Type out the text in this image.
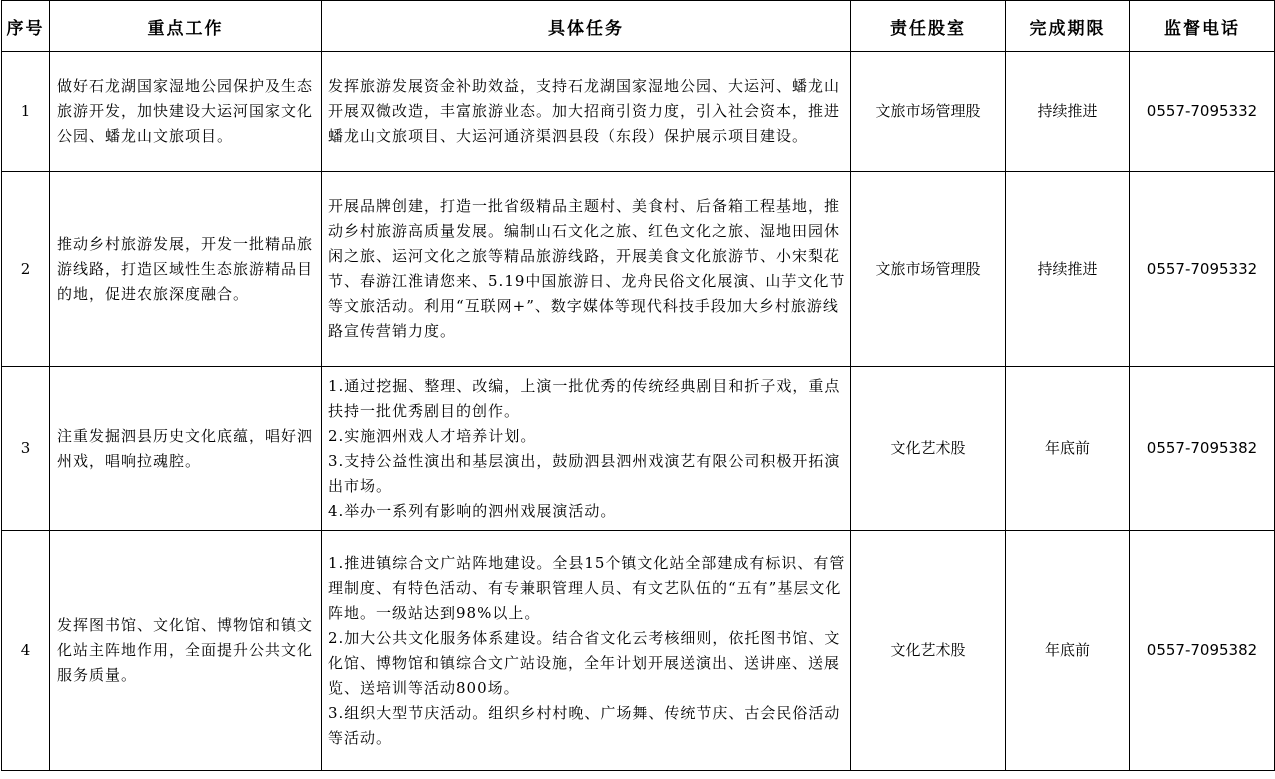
序号	重点工作	具体任务	责任股室	完成期限	监督电话
1	做好石龙湖国家湿地公园保护及生态旅游开发，加快建设大运河国家文化公园、蟠龙山文旅项目。	发挥旅游发展资金补助效益，支持石龙湖国家湿地公园、大运河、蟠龙山开展双微改造，丰富旅游业态。加大招商引资力度，引入社会资本，推进蟠龙山文旅项目、大运河通济渠泗县段（东段）保护展示项目建设。	文旅市场管理股	持续推进	0557-7095332
2	推动乡村旅游发展，开发一批精品旅游线路，打造区域性生态旅游精品目的地，促进农旅深度融合。	开展品牌创建，打造一批省级精品主题村、美食村、后备箱工程基地，推动乡村旅游高质量发展。编制山石文化之旅、红色文化之旅、湿地田园休闲之旅、运河文化之旅等精品旅游线路，开展美食文化旅游节、小宋梨花节、春游江淮请您来、5.19中国旅游日、龙舟民俗文化展演、山芋文化节等文旅活动。利用“互联网+”、数字媒体等现代科技手段加大乡村旅游线路宣传营销力度。	文旅市场管理股	持续推进	0557-7095332
3	注重发掘泗县历史文化底蕴，唱好泗州戏，唱响拉魂腔。	1.通过挖掘、整理、改编，上演一批优秀的传统经典剧目和折子戏，重点扶持一批优秀剧目的创作。
2.实施泗州戏人才培养计划。
3.支持公益性演出和基层演出，鼓励泗县泗州戏演艺有限公司积极开拓演出市场。
4.举办一系列有影响的泗州戏展演活动。	文化艺术股	年底前	0557-7095382
4	发挥图书馆、文化馆、博物馆和镇文化站主阵地作用，全面提升公共文化服务质量。	1.推进镇综合文广站阵地建设。全县15个镇文化站全部建成有标识、有管理制度、有特色活动、有专兼职管理人员、有文艺队伍的“五有”基层文化阵地。一级站达到98%以上。
2.加大公共文化服务体系建设。结合省文化云考核细则，依托图书馆、文化馆、博物馆和镇综合文广站设施，全年计划开展送演出、送讲座、送展览、送培训等活动800场。
3.组织大型节庆活动。组织乡村村晚、广场舞、传统节庆、古会民俗活动等活动。	文化艺术股	年底前	0557-7095382
